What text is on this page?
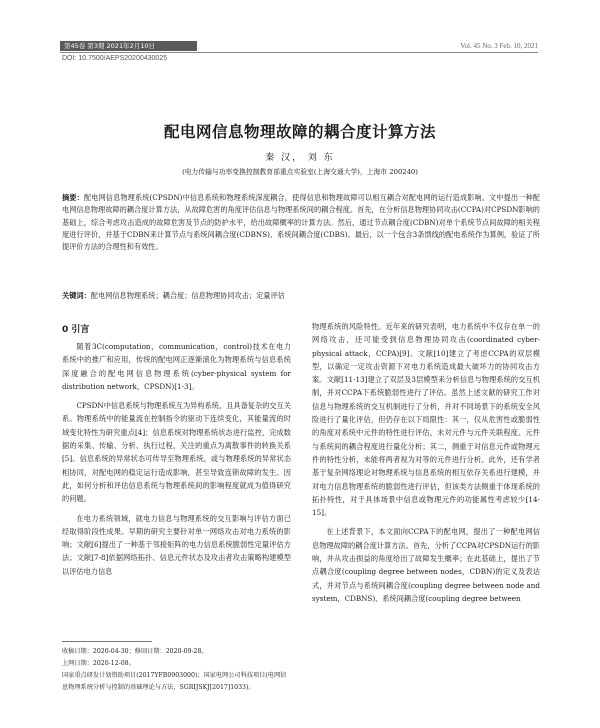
第45卷 第3期 2021年2月10日	Vol. 45 No. 3 Feb. 10, 2021
DOI: 10.7500/AEPS20200430025
配电网信息物理故障的耦合度计算方法
秦 汉， 刘 东
(电力传输与功率变换控制教育部重点实验室(上海交通大学)，上海市 200240)
摘要：配电网信息物理系统(CPSDN)中信息系统和物理系统深度耦合，使得信息和物理故障可以相互耦合对配电网的运行造成影响。文中提出一种配电网信息物理故障的耦合度计算方法，从故障危害的角度评估信息与物理系统间的耦合程度。首先，在分析信息物理协同攻击(CCPA)对CPSDN影响的基础上，综合考虑攻击造成的故障危害及节点的防护水平，给出故障概率的计算方法。然后，通过节点耦合度(CDBN)对单个系统节点间故障的相关程度进行评价，并基于CDBN来计算节点与系统间耦合度(CDBNS)、系统间耦合度(CDBS)。最后，以一个包含3条馈线的配电系统作为算例，验证了所提评价方法的合理性和有效性。
关键词：配电网信息物理系统；耦合度；信息物理协同攻击；定量评估
0 引言

随着3C(computation，communication，control)技术在电力系统中的推广和应用，传统的配电网正逐渐演化为物理系统与信息系统深度融合的配电网信息物理系统(cyber-physical system for distribution network，CPSDN)[1-3]。

CPSDN中信息系统与物理系统互为异构系统，且具备复杂的交互关系。物理系统中的能量流在控制指令的驱动下连续变化，其能量流的时域变化特性为研究重点[4]；信息系统对物理系统状态进行监控，完成数据的采集、传输、分析、执行过程，关注的重点为离散事件的转换关系[5]。信息系统的异常状态可传导至物理系统，或与物理系统的异常状态相协同，对配电网的稳定运行造成影响，甚至导致连锁故障的发生。因此，如何分析和评估信息系统与物理系统间的影响程度就成为值得研究的问题。

在电力系统领域，就电力信息与物理系统的交互影响与评估方面已经取得阶段性成果。早期的研究主要针对单一网络攻击对电力系统的影响；文献[6]提出了一种基于邻接矩阵的电力信息系统脆弱性定量评估方法；文献[7-8]依据网络拓扑、信息元件状态及攻击者攻击策略构建模型以评估电力信息

物理系统的风险特性。近年来的研究表明，电力系统中不仅存在单一的网络攻击，还可能受到信息物理协同攻击(coordinated cyber-physical attack，CCPA)[9]。文献[10]建立了考虑CCPA的双层模型，以确定一定攻击资源下对电力系统造成最大破坏力的协同攻击方案。文献[11-13]建立了双层及3层模型来分析信息与物理系统的交互机制，并对CCPA下系统脆弱性进行了评估。虽然上述文献的研究工作对信息与物理系统的交互机制进行了分析，并对不同场景下的系统安全风险进行了量化评估，但仍存在以下局限性：其一，仅从危害性或脆弱性的角度对系统中元件的特性进行评估，未对元件与元件关联程度、元件与系统间的耦合程度进行量化分析；其二，侧重于对信息元件或物理元件的特性分析，未能将两者视为对等的元件进行分析。此外，还有学者基于复杂网络理论对物理系统与信息系统的相互依存关系进行建模，并对电力信息物理系统的脆弱性进行评估，但该类方法侧重于体现系统的拓扑特性，对于具体场景中信息或物理元件的功能属性考虑较少[14-15]。

在上述背景下，本文面向CCPA下的配电网，提出了一种配电网信息物理故障的耦合度计算方法。首先，分析了CCPA对CPSDN运行的影响，并从攻击损益的角度给出了故障发生概率；在此基础上，提出了节点耦合度(coupling degree between nodes，CDBN)的定义及表达式，并对节点与系统间耦合度(coupling degree between node and system，CDBNS)、系统间耦合度(coupling degree between

收稿日期：2020-04-30；修回日期：2020-09-28。
上网日期：2020-12-08。
国家重点研发计划资助项目(2017YFB0903000)；国家电网公司科技项目(电网信息物理系统分析与控制的基础理论与方法，SGRIJSKJ[2017]1033)。
